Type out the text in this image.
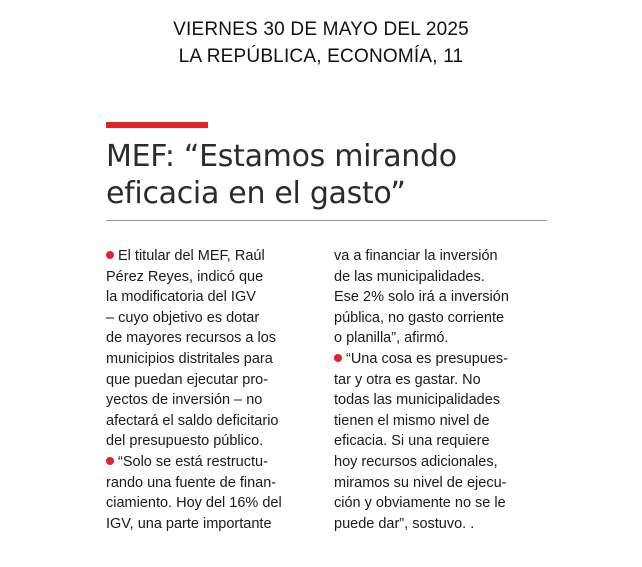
VIERNES 30 DE MAYO DEL 2025
LA REPÚBLICA, ECONOMÍA, 11
MEF: “Estamos mirando
eficacia en el gasto”
El titular del MEF, Raúl
Pérez Reyes, indicó que
la modificatoria del IGV
– cuyo objetivo es dotar
de mayores recursos a los
municipios distritales para
que puedan ejecutar pro-
yectos de inversión – no
afectará el saldo deficitario
del presupuesto público.
“Solo se está restructu-
rando una fuente de finan-
ciamiento. Hoy del 16% del
IGV, una parte importante
va a financiar la inversión
de las municipalidades.
Ese 2% solo irá a inversión
pública, no gasto corriente
o planilla”, afirmó.
“Una cosa es presupues-
tar y otra es gastar. No
todas las municipalidades
tienen el mismo nivel de
eficacia. Si una requiere
hoy recursos adicionales,
miramos su nivel de ejecu-
ción y obviamente no se le
puede dar”, sostuvo. .
